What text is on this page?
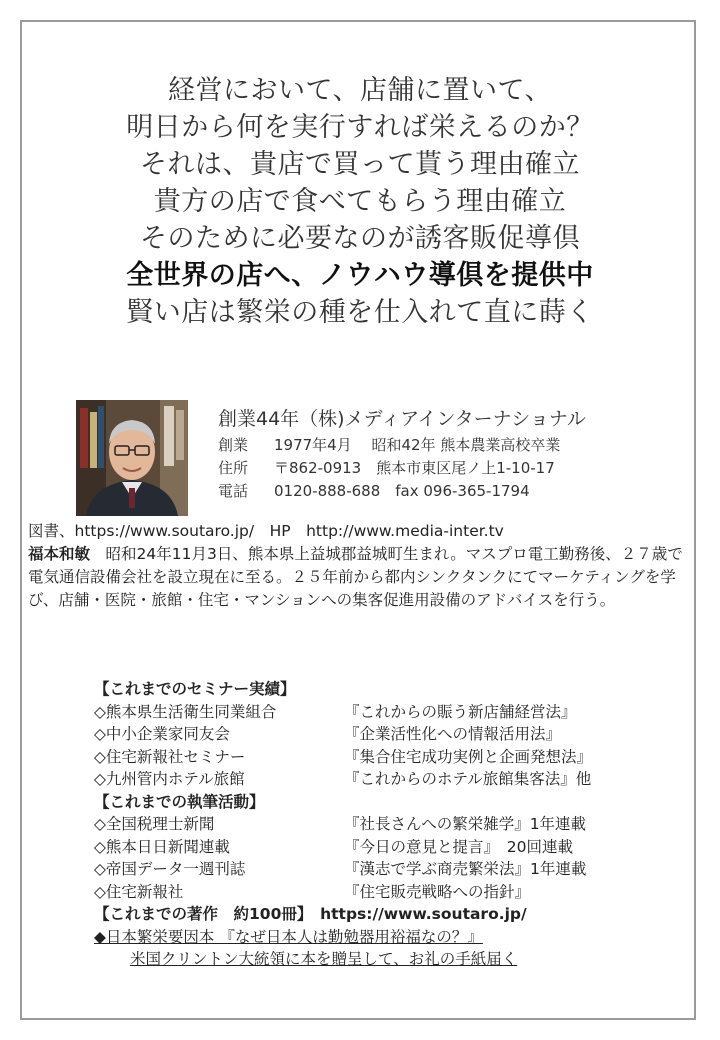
経営において、店舗に置いて、
明日から何を実行すれば栄えるのか？
それは、貴店で買って貰う理由確立
貴方の店で食べてもらう理由確立
そのために必要なのが誘客販促導倶
全世界の店へ、ノウハウ導倶を提供中
賢い店は繁栄の種を仕入れて直に蒔く
創業44年（株)メディアインターナショナル
創業 1977年4月　 昭和42年 熊本農業高校卒業
住所 〒862-0913　熊本市東区尾ノ上1-10-17
電話 0120-888-688　fax 096-365-1794
図書、https://www.soutaro.jp/　HP　http://www.media-inter.tv
福本和敏　昭和24年11月3日、熊本県上益城郡益城町生まれ。マスプロ電工勤務後、２７歳で電気通信設備会社を設立現在に至る。２５年前から都内シンクタンクにてマーケティングを学び、店舗・医院・旅館・住宅・マンションへの集客促進用設備のアドバイスを行う。
【これまでのセミナー実績】
◇熊本県生活衛生同業組合	『これからの賑う新店舗経営法』
◇中小企業家同友会	『企業活性化への情報活用法』
◇住宅新報社セミナー	『集合住宅成功実例と企画発想法』
◇九州管内ホテル旅館	『これからのホテル旅館集客法』他
【これまでの執筆活動】
◇全国税理士新聞	『社長さんへの繁栄雑学』1年連載
◇熊本日日新聞連載	『今日の意見と提言』　20回連載
◇帝国データ一週刊誌	『漢志で学ぶ商売繁栄法』1年連載
◇住宅新報社	『住宅販売戦略への指針』
【これまでの著作　約100冊】　https://www.soutaro.jp/
◆日本繁栄要因本 『なぜ日本人は勤勉器用裕福なの？』
米国クリントン大統領に本を贈呈して、お礼の手紙届く
